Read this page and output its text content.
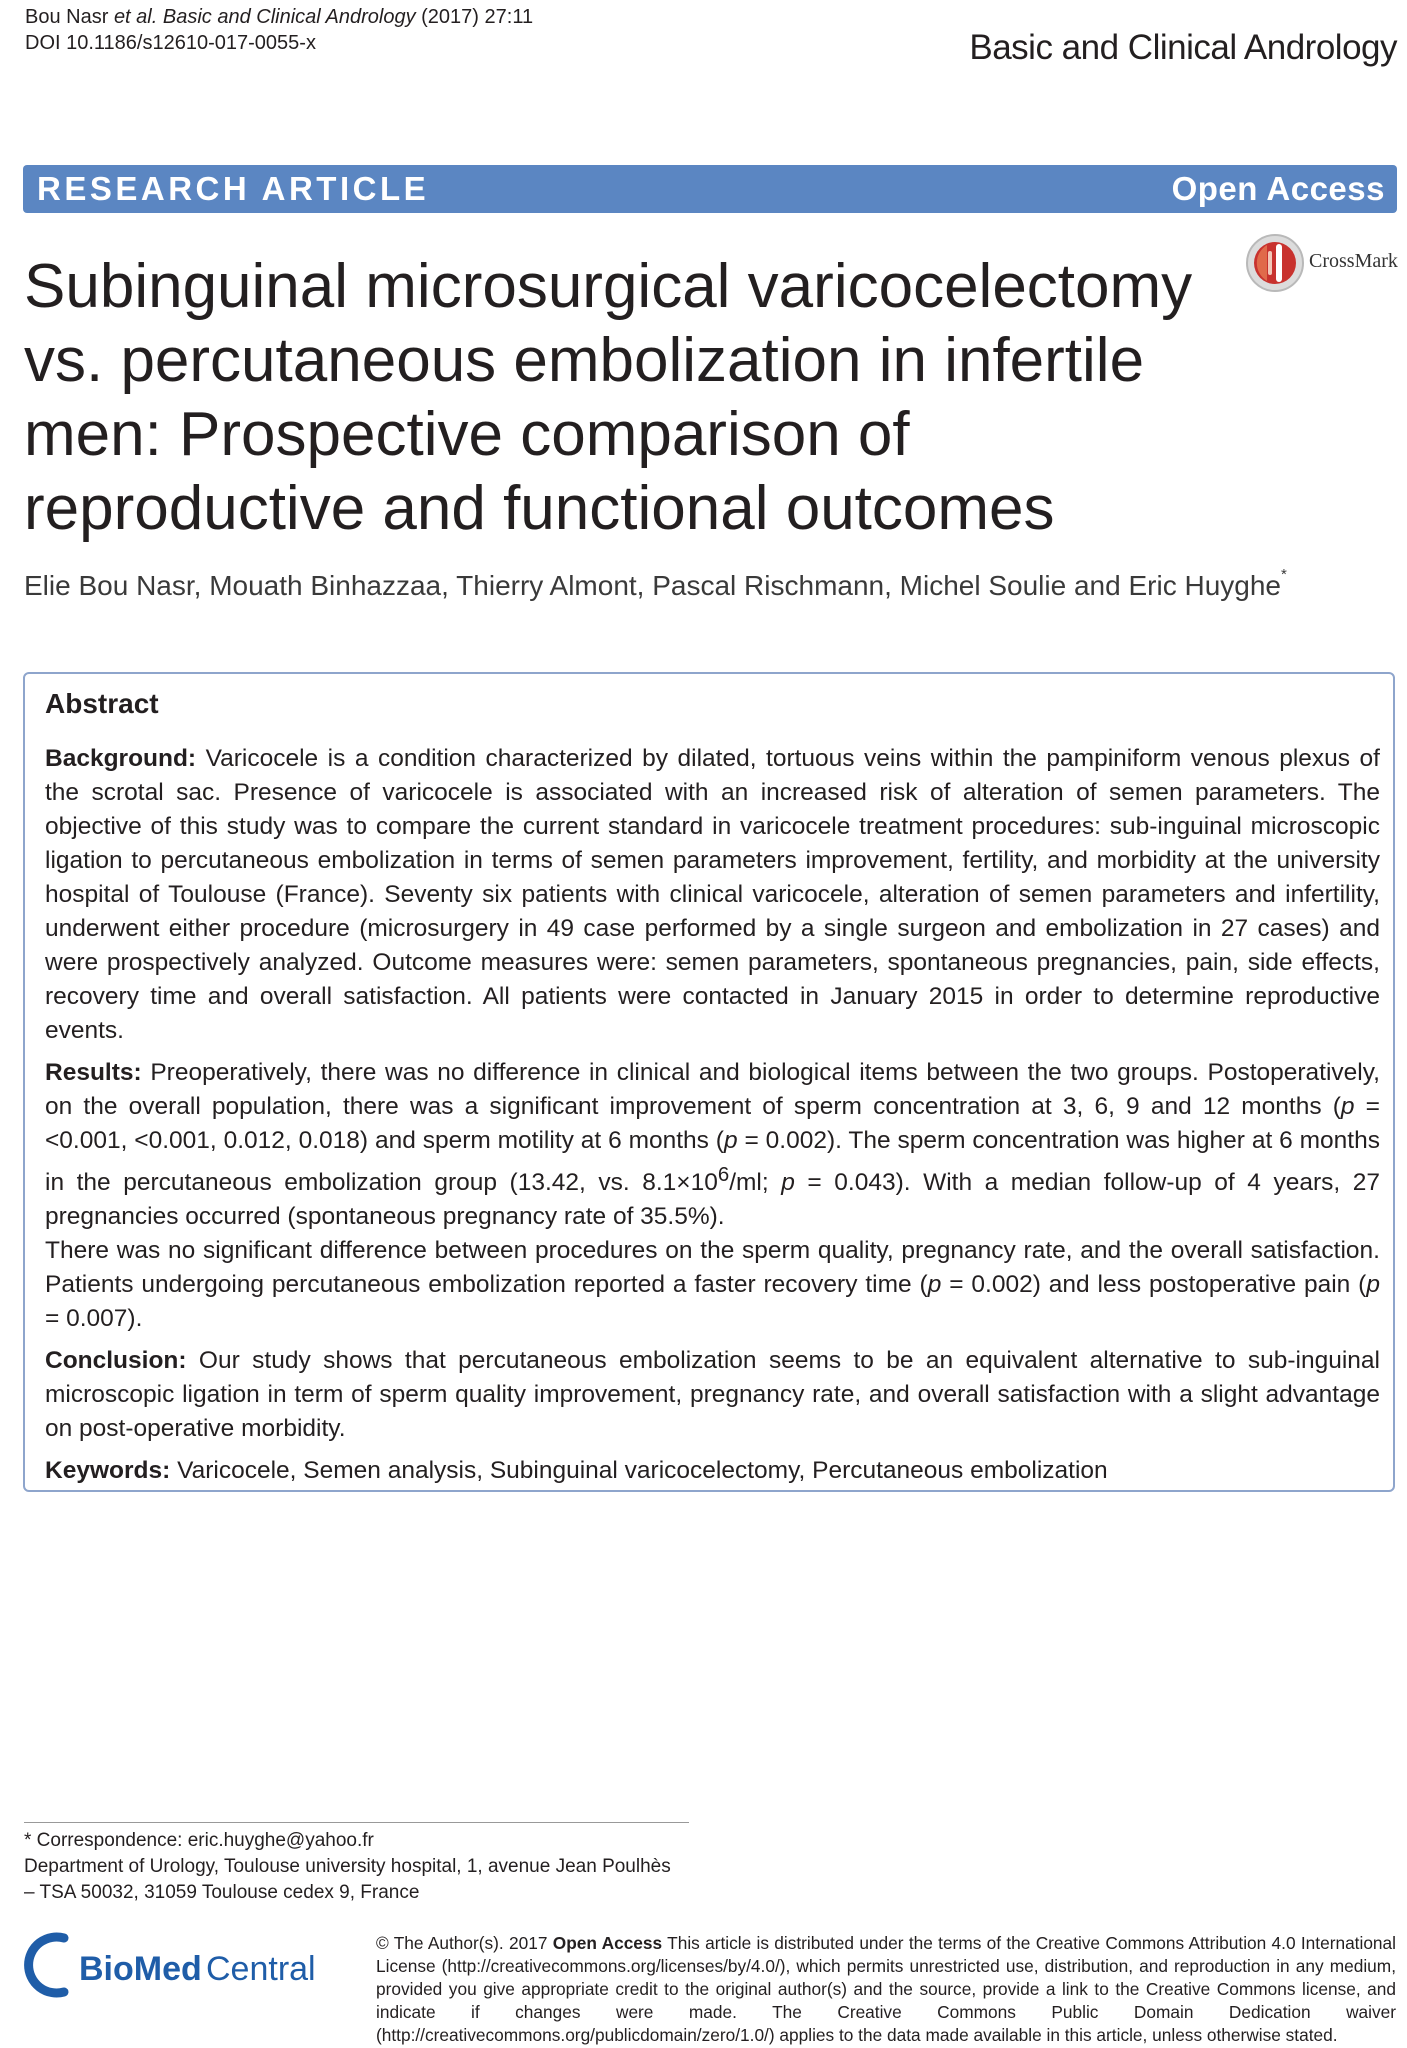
Bou Nasr et al. Basic and Clinical Andrology (2017) 27:11
DOI 10.1186/s12610-017-0055-x	Basic and Clinical Andrology
RESEARCH ARTICLE	Open Access
CrossMark
Subinguinal microsurgical varicocelectomy vs. percutaneous embolization in infertile men: Prospective comparison of reproductive and functional outcomes
Elie Bou Nasr, Mouath Binhazzaa, Thierry Almont, Pascal Rischmann, Michel Soulie and Eric Huyghe*
Abstract

Background: Varicocele is a condition characterized by dilated, tortuous veins within the pampiniform venous plexus of the scrotal sac. Presence of varicocele is associated with an increased risk of alteration of semen parameters. The objective of this study was to compare the current standard in varicocele treatment procedures: sub-inguinal microscopic ligation to percutaneous embolization in terms of semen parameters improvement, fertility, and morbidity at the university hospital of Toulouse (France). Seventy six patients with clinical varicocele, alteration of semen parameters and infertility, underwent either procedure (microsurgery in 49 case performed by a single surgeon and embolization in 27 cases) and were prospectively analyzed. Outcome measures were: semen parameters, spontaneous pregnancies, pain, side effects, recovery time and overall satisfaction. All patients were contacted in January 2015 in order to determine reproductive events.

Results: Preoperatively, there was no difference in clinical and biological items between the two groups. Postoperatively, on the overall population, there was a significant improvement of sperm concentration at 3, 6, 9 and 12 months (p = <0.001, <0.001, 0.012, 0.018) and sperm motility at 6 months (p = 0.002). The sperm concentration was higher at 6 months in the percutaneous embolization group (13.42, vs. $8.1\times 10^6/ml$; p = 0.043). With a median follow-up of 4 years, 27 pregnancies occurred (spontaneous pregnancy rate of 35.5%).

There was no significant difference between procedures on the sperm quality, pregnancy rate, and the overall satisfaction. Patients undergoing percutaneous embolization reported a faster recovery time (p = 0.002) and less postoperative pain (p = 0.007).

Conclusion: Our study shows that percutaneous embolization seems to be an equivalent alternative to sub-inguinal microscopic ligation in term of sperm quality improvement, pregnancy rate, and overall satisfaction with a slight advantage on post-operative morbidity.

Keywords: Varicocele, Semen analysis, Subinguinal varicocelectomy, Percutaneous embolization

* Correspondence: eric.huyghe@yahoo.fr
Department of Urology, Toulouse university hospital, 1, avenue Jean Poulhès
– TSA 50032, 31059 Toulouse cedex 9, France
BioMed Central
© The Author(s). 2017 Open Access This article is distributed under the terms of the Creative Commons Attribution 4.0 International License (http://creativecommons.org/licenses/by/4.0/), which permits unrestricted use, distribution, and reproduction in any medium, provided you give appropriate credit to the original author(s) and the source, provide a link to the Creative Commons license, and indicate if changes were made. The Creative Commons Public Domain Dedication waiver (http://creativecommons.org/publicdomain/zero/1.0/) applies to the data made available in this article, unless otherwise stated.
